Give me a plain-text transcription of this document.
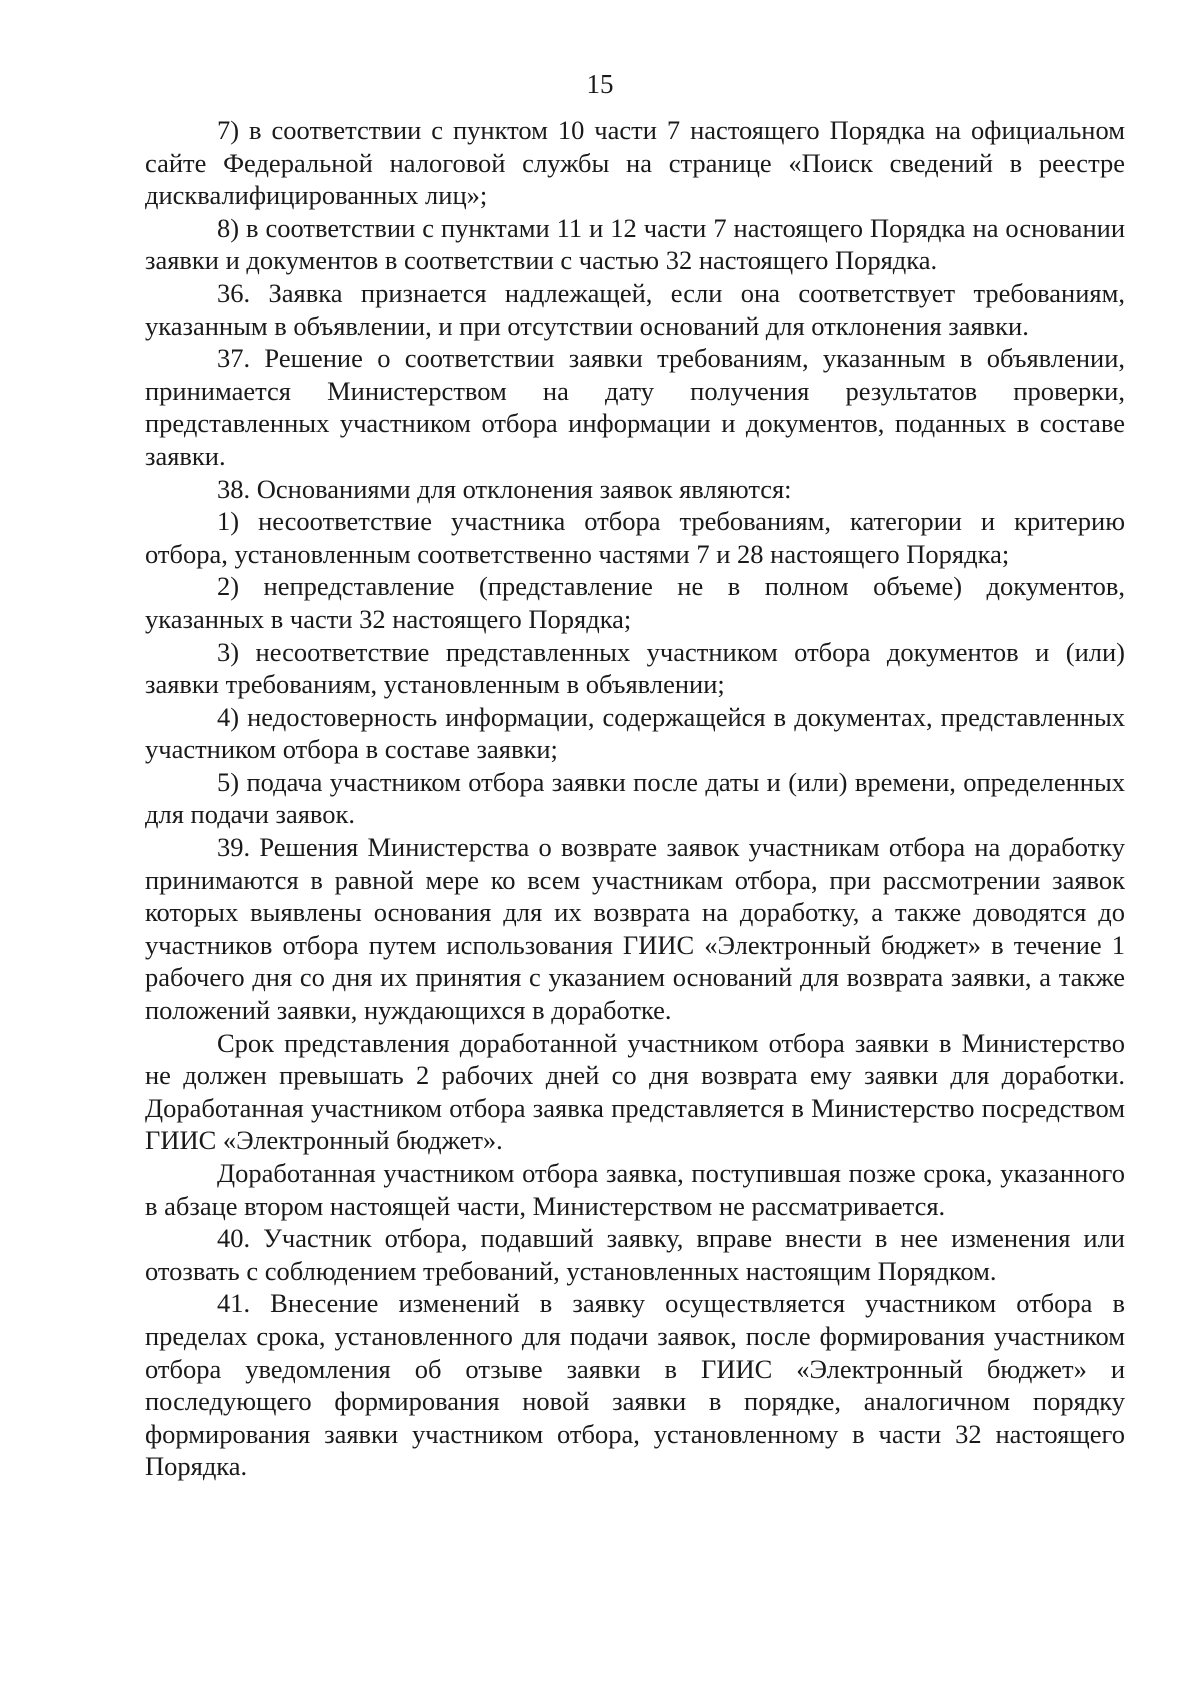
15

7) в соответствии с пунктом 10 части 7 настоящего Порядка на официальном сайте Федеральной налоговой службы на странице «Поиск сведений в реестре дисквалифицированных лиц»;

8) в соответствии с пунктами 11 и 12 части 7 настоящего Порядка на основании заявки и документов в соответствии с частью 32 настоящего Порядка.

36. Заявка признается надлежащей, если она соответствует требованиям, указанным в объявлении, и при отсутствии оснований для отклонения заявки.

37. Решение о соответствии заявки требованиям, указанным в объявлении, принимается Министерством на дату получения результатов проверки, представленных участником отбора информации и документов, поданных в составе заявки.

38. Основаниями для отклонения заявок являются:

1) несоответствие участника отбора требованиям, категории и критерию отбора, установленным соответственно частями 7 и 28 настоящего Порядка;

2) непредставление (представление не в полном объеме) документов, указанных в части 32 настоящего Порядка;

3) несоответствие представленных участником отбора документов и (или) заявки требованиям, установленным в объявлении;

4) недостоверность информации, содержащейся в документах, представленных участником отбора в составе заявки;

5) подача участником отбора заявки после даты и (или) времени, определенных для подачи заявок.

39. Решения Министерства о возврате заявок участникам отбора на доработку принимаются в равной мере ко всем участникам отбора, при рассмотрении заявок которых выявлены основания для их возврата на доработку, а также доводятся до участников отбора путем использования ГИИС «Электронный бюджет» в течение 1 рабочего дня со дня их принятия с указанием оснований для возврата заявки, а также положений заявки, нуждающихся в доработке.

Срок представления доработанной участником отбора заявки в Министерство не должен превышать 2 рабочих дней со дня возврата ему заявки для доработки. Доработанная участником отбора заявка представляется в Министерство посредством ГИИС «Электронный бюджет».

Доработанная участником отбора заявка, поступившая позже срока, указанного в абзаце втором настоящей части, Министерством не рассматривается.

40. Участник отбора, подавший заявку, вправе внести в нее изменения или отозвать с соблюдением требований, установленных настоящим Порядком.

41. Внесение изменений в заявку осуществляется участником отбора в пределах срока, установленного для подачи заявок, после формирования участником отбора уведомления об отзыве заявки в ГИИС «Электронный бюджет» и последующего формирования новой заявки в порядке, аналогичном порядку формирования заявки участником отбора, установленному в части 32 настоящего Порядка.
